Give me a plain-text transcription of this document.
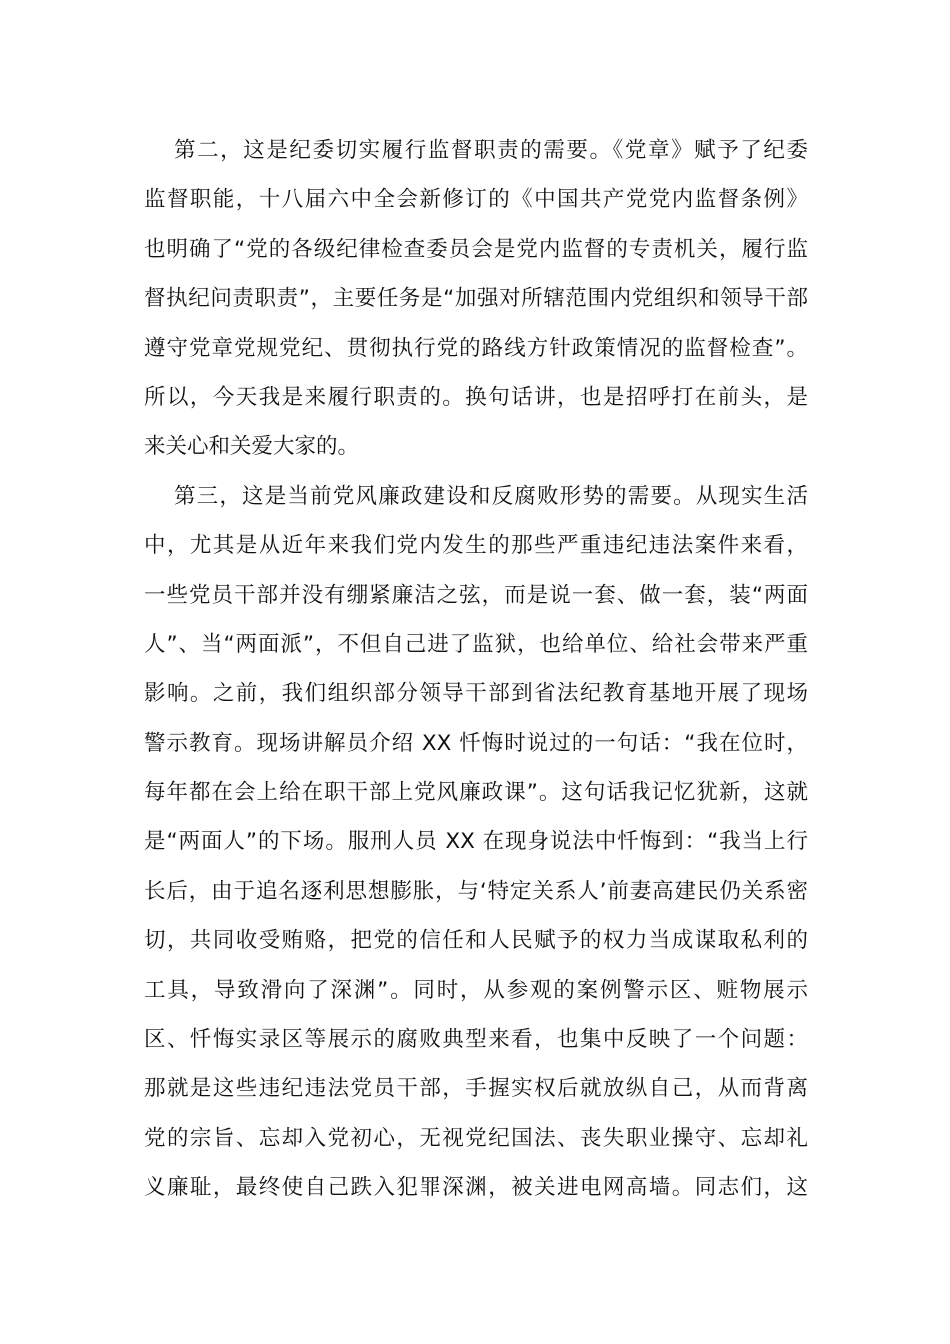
第二，这是纪委切实履行监督职责的需要。《党章》赋予了纪委
监督职能，十八届六中全会新修订的《中国共产党党内监督条例》
也明确了“党的各级纪律检查委员会是党内监督的专责机关，履行监
督执纪问责职责”，主要任务是“加强对所辖范围内党组织和领导干部
遵守党章党规党纪、贯彻执行党的路线方针政策情况的监督检查”。
所以，今天我是来履行职责的。换句话讲，也是招呼打在前头，是
来关心和关爱大家的。
第三，这是当前党风廉政建设和反腐败形势的需要。从现实生活
中，尤其是从近年来我们党内发生的那些严重违纪违法案件来看，
一些党员干部并没有绷紧廉洁之弦，而是说一套、做一套，装“两面
人”、当“两面派”，不但自己进了监狱，也给单位、给社会带来严重
影响。之前，我们组织部分领导干部到省法纪教育基地开展了现场
警示教育。现场讲解员介绍 XX 忏悔时说过的一句话：“我在位时，
每年都在会上给在职干部上党风廉政课”。这句话我记忆犹新，这就
是“两面人”的下场。服刑人员 XX 在现身说法中忏悔到：“我当上行
长后，由于追名逐利思想膨胀，与‘特定关系人’前妻高建民仍关系密
切，共同收受贿赂，把党的信任和人民赋予的权力当成谋取私利的
工具，导致滑向了深渊”。同时，从参观的案例警示区、赃物展示
区、忏悔实录区等展示的腐败典型来看，也集中反映了一个问题：
那就是这些违纪违法党员干部，手握实权后就放纵自己，从而背离
党的宗旨、忘却入党初心，无视党纪国法、丧失职业操守、忘却礼
义廉耻，最终使自己跌入犯罪深渊，被关进电网高墙。同志们，这
